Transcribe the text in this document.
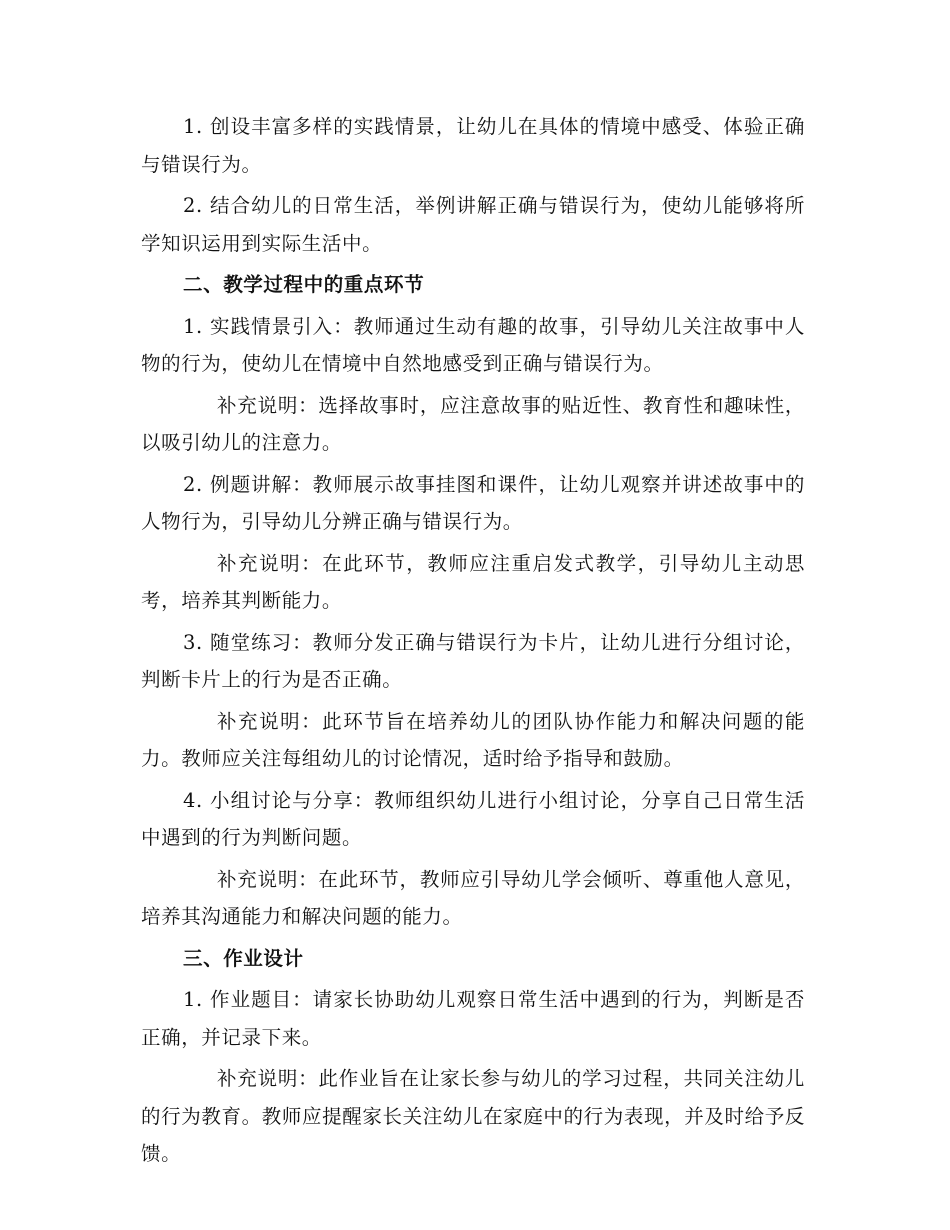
1. 创设丰富多样的实践情景，让幼儿在具体的情境中感受、体验正确与错误行为。

2. 结合幼儿的日常生活，举例讲解正确与错误行为，使幼儿能够将所学知识运用到实际生活中。

二、教学过程中的重点环节

1. 实践情景引入：教师通过生动有趣的故事，引导幼儿关注故事中人物的行为，使幼儿在情境中自然地感受到正确与错误行为。

补充说明：选择故事时，应注意故事的贴近性、教育性和趣味性，以吸引幼儿的注意力。

2. 例题讲解：教师展示故事挂图和课件，让幼儿观察并讲述故事中的人物行为，引导幼儿分辨正确与错误行为。

补充说明：在此环节，教师应注重启发式教学，引导幼儿主动思考，培养其判断能力。

3. 随堂练习：教师分发正确与错误行为卡片，让幼儿进行分组讨论，判断卡片上的行为是否正确。

补充说明：此环节旨在培养幼儿的团队协作能力和解决问题的能力。教师应关注每组幼儿的讨论情况，适时给予指导和鼓励。

4. 小组讨论与分享：教师组织幼儿进行小组讨论，分享自己日常生活中遇到的行为判断问题。

补充说明：在此环节，教师应引导幼儿学会倾听、尊重他人意见，培养其沟通能力和解决问题的能力。

三、作业设计

1. 作业题目：请家长协助幼儿观察日常生活中遇到的行为，判断是否正确，并记录下来。

补充说明：此作业旨在让家长参与幼儿的学习过程，共同关注幼儿的行为教育。教师应提醒家长关注幼儿在家庭中的行为表现，并及时给予反馈。
